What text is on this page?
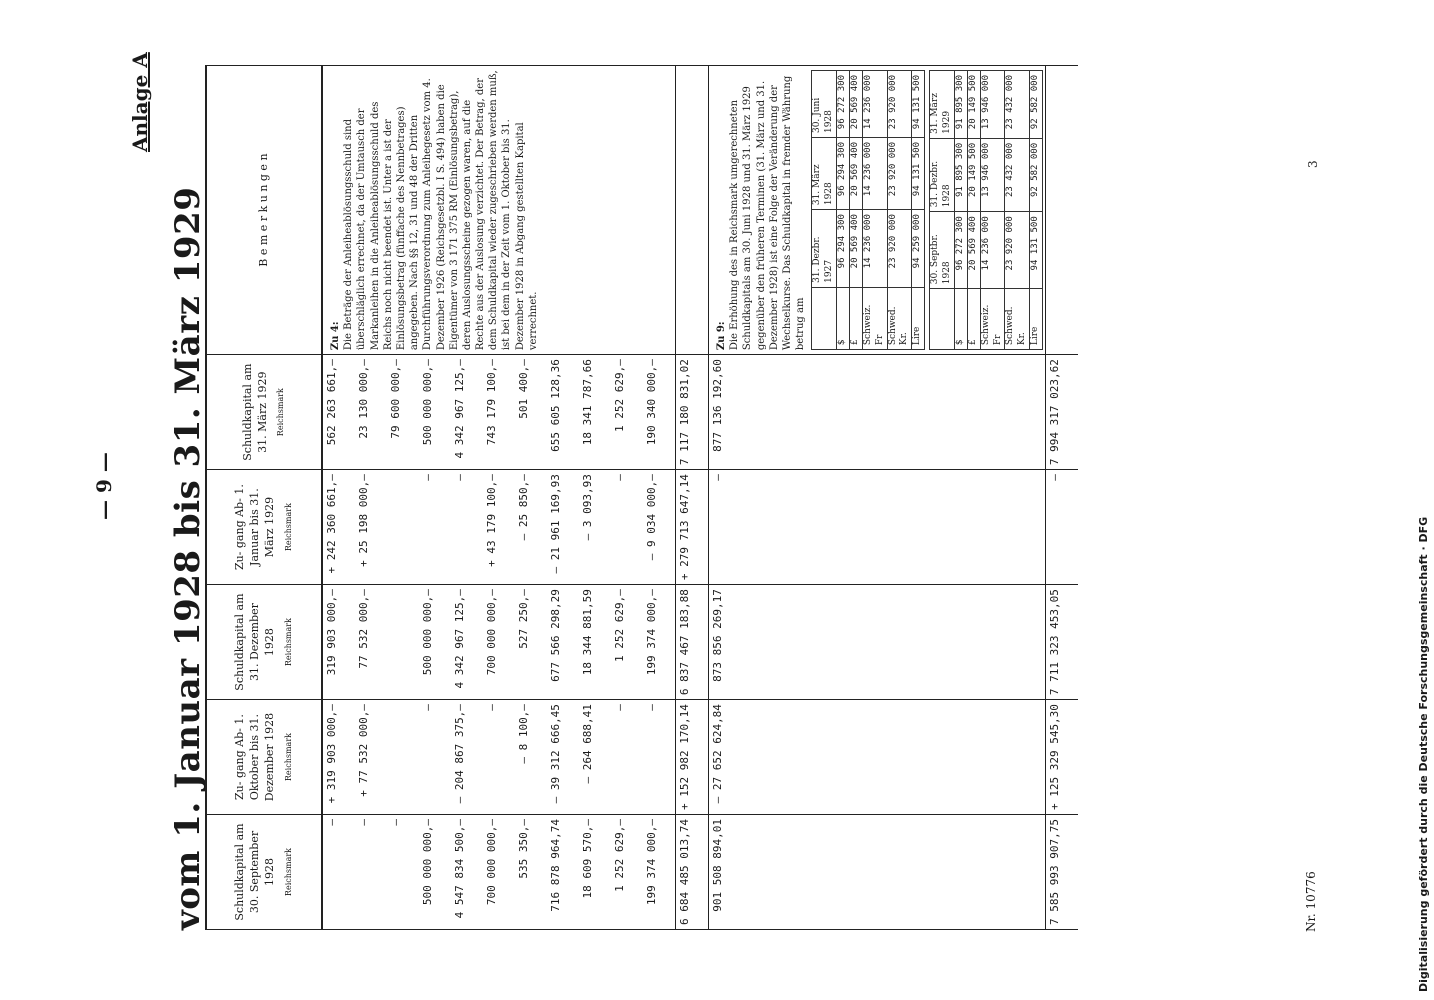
— 9 —
Anlage A
vom 1. Januar 1928 bis 31. März 1929 Schuldkapital am 30. September 1928 Reichsmark
	Zu- gang Ab- 1. Oktober bis 31. Dezember 1928 Reichsmark
	Schuldkapital am 31. Dezember 1928 Reichsmark
	Zu- gang Ab- 1. Januar bis 31. März 1929 Reichsmark
	Schuldkapital am 31. März 1929 Reichsmark
	B e m e r k u n g e n
—	+ 319 903 000,—	319 903 000,—	+ 242 360 661,—	562 263 661,—	
Zu 4: Die Beträge der Anleiheablösungsschuld sind überschläglich errechnet, da der Umtausch der Markanleihen in die Anleiheablösungsschuld des Reichs noch nicht beendet ist. Unter a ist der Einlösungsbetrag (fünffache des Nennbetrages) angegeben. Nach §§ 12, 31 und 48 der Dritten Durchführungsverordnung zum Anleihegesetz vom 4. Dezember 1926 (Reichsgesetzbl. I S. 494) haben die Eigentümer von 3 171 375 RM (Einlösungsbetrag), deren Auslosungsscheine gezogen waren, auf die Rechte aus der Auslosung verzichtet. Der Betrag, der dem Schuldkapital wieder zugeschrieben werden muß, ist bei dem in der Zeit vom 1. Oktober bis 31. Dezember 1928 in Abgang gestellten Kapital verrechnet.

—	+ 77 532 000,—	77 532 000,—	+ 25 198 000,—	23 130 000,—
—				79 600 000,—
500 000 000,—	—	500 000 000,—	—	500 000 000,—
4 547 834 500,—	— 204 867 375,—	4 342 967 125,—	—	4 342 967 125,—
700 000 000,—	—	700 000 000,—	+ 43 179 100,—	743 179 100,—
535 350,—	— 8 100,—	527 250,—	— 25 850,—	501 400,—
716 878 964,74	— 39 312 666,45	677 566 298,29	— 21 961 169,93	655 605 128,36
18 609 570,—	— 264 688,41	18 344 881,59	— 3 093,93	18 341 787,66
1 252 629,—	—	1 252 629,—	—	1 252 629,—
199 374 000,—	—	199 374 000,—	— 9 034 000,—	190 340 000,—
6 684 485 013,74	+ 152 982 170,14	6 837 467 183,88	+ 279 713 647,14	7 117 180 831,02	
901 508 894,01	— 27 652 624,84	873 856 269,17	—	877 136 192,60	
Zu 9: Die Erhöhung des in Reichsmark umgerechneten Schuldkapitals am 30. Juni 1928 und 31. März 1929 gegenüber den früheren Terminen (31. März und 31. Dezember 1928) ist eine Folge der Veränderung der Wechselkurse. Das Schuldkapital in fremder Währung betrug am
	31. Dezbr. 1927	31. März 1928	30. Juni 1928
$	96 294 300	96 294 300	96 272 300
£	20 569 400	20 569 400	20 569 400
Schweiz. Fr	14 236 000	14 236 000	14 236 000
Schwed. Kr.	23 920 000	23 920 000	23 920 000
Lire	94 259 000	94 131 500	94 131 500
	30. Septbr. 1928	31. Dezbr. 1928	31. März 1929
$	96 272 300	91 895 300	91 895 300
£	20 569 400	20 149 500	20 149 500
Schweiz. Fr	14 236 000	13 946 000	13 946 000
Schwed. Kr.	23 920 000	23 432 000	23 432 000
Lire	94 131 500	92 582 000	92 582 000

7 585 993 907,75	+ 125 329 545,30	7 711 323 453,05	—	7 994 317 023,62	
Nr. 10776
3
Digitalisierung gefördert durch die Deutsche Forschungsgemeinschaft · DFG
